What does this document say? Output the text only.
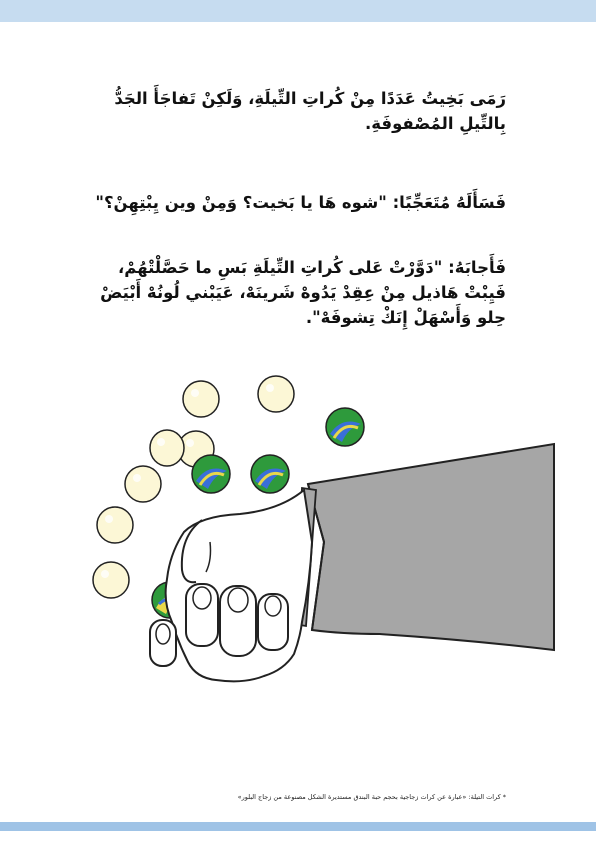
رَمَى بَخِيتُ عَدَدًا مِنْ كُراتِ التِّيلَةِ، وَلَكِنْ تَفاجَأَ الجَدُّ بِالتِّيلِ المُصْفوفَةِ.
فَسَأَلَهُ مُتَعَجِّبًا: "شوه هَا يا بَخيت؟ وَمِنْ وين يِبْتِهِنْ؟"
فَأَجابَهُ: "دَوَّرْتْ عَلى كُراتِ التِّيلَةِ بَسِ ما حَصَّلْتْهُمْ، فَيِبْتْ هَاذيل مِنْ عِقِدْ يَدُوهْ شَرينَهْ، عَيَبْني لُونُهْ أَبْيَضْ حِلو وَأَسْهَلْ إِنَكْ تِشوفَهْ".
* كرات التيلة: «عبارة عن كرات زجاجية بحجم حبة البندق مستديرة الشكل مصنوعة من زجاج البلور»
